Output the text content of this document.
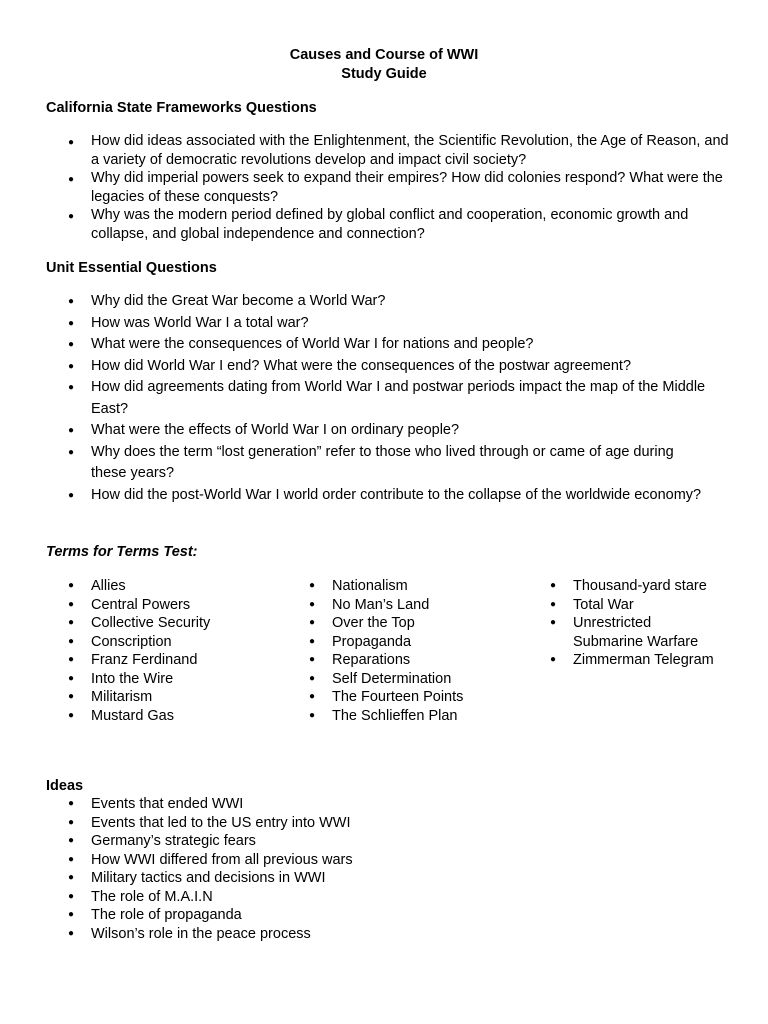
Causes and Course of WWI
Study Guide
California State Frameworks Questions
● How did ideas associated with the Enlightenment, the Scientific Revolution, the Age of Reason, and a variety of democratic revolutions develop and impact civil society?
● Why did imperial powers seek to expand their empires? How did colonies respond? What were the legacies of these conquests?
● Why was the modern period defined by global conflict and cooperation, economic growth and collapse, and global independence and connection?
Unit Essential Questions
● Why did the Great War become a World War?
● How was World War I a total war?
● What were the consequences of World War I for nations and people?
● How did World War I end? What were the consequences of the postwar agreement?
● How did agreements dating from World War I and postwar periods impact the map of the Middle East?
● What were the effects of World War I on ordinary people?
● Why does the term “lost generation” refer to those who lived through or came of age during these years?
● How did the post-World War I world order contribute to the collapse of the worldwide economy?
Terms for Terms Test:
● Allies
● Central Powers
● Collective Security
● Conscription
● Franz Ferdinand
● Into the Wire
● Militarism
● Mustard Gas
● Nationalism
● No Man’s Land
● Over the Top
● Propaganda
● Reparations
● Self Determination
● The Fourteen Points
● The Schlieffen Plan
● Thousand-yard stare
● Total War
● Unrestricted Submarine Warfare
● Zimmerman Telegram
Ideas
● Events that ended WWI
● Events that led to the US entry into WWI
● Germany’s strategic fears
● How WWI differed from all previous wars
● Military tactics and decisions in WWI
● The role of M.A.I.N
● The role of propaganda
● Wilson’s role in the peace process
